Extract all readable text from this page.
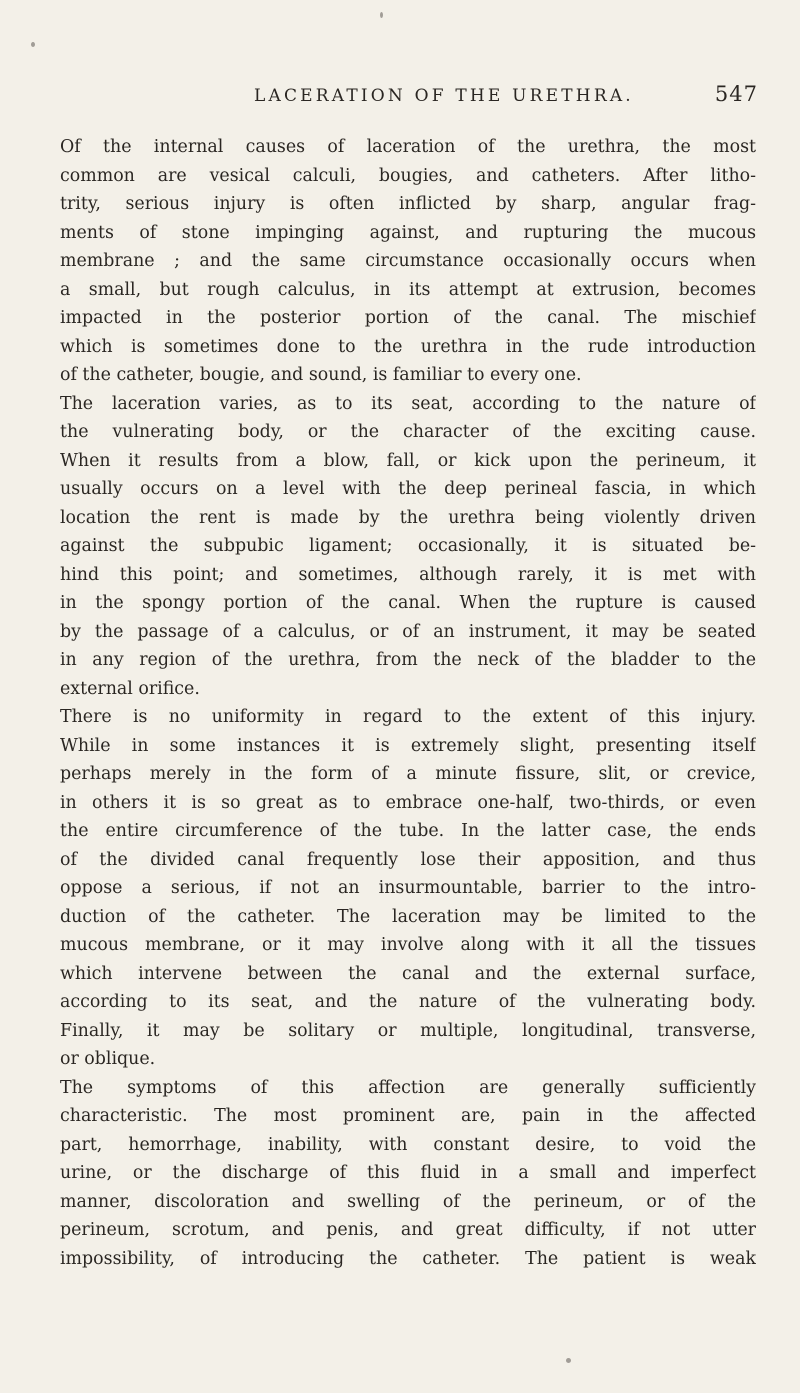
LACERATION OF THE URETHRA.	547
Of the internal causes of laceration of the urethra, the most
common are vesical calculi, bougies, and catheters. After litho-
trity, serious injury is often inflicted by sharp, angular frag-
ments of stone impinging against, and rupturing the mucous
membrane ; and the same circumstance occasionally occurs when
a small, but rough calculus, in its attempt at extrusion, becomes
impacted in the posterior portion of the canal. The mischief
which is sometimes done to the urethra in the rude introduction
of the catheter, bougie, and sound, is familiar to every one.
The laceration varies, as to its seat, according to the nature of
the vulnerating body, or the character of the exciting cause.
When it results from a blow, fall, or kick upon the perineum, it
usually occurs on a level with the deep perineal fascia, in which
location the rent is made by the urethra being violently driven
against the subpubic ligament; occasionally, it is situated be-
hind this point; and sometimes, although rarely, it is met with
in the spongy portion of the canal. When the rupture is caused
by the passage of a calculus, or of an instrument, it may be seated
in any region of the urethra, from the neck of the bladder to the
external orifice.
There is no uniformity in regard to the extent of this injury.
While in some instances it is extremely slight, presenting itself
perhaps merely in the form of a minute fissure, slit, or crevice,
in others it is so great as to embrace one-half, two-thirds, or even
the entire circumference of the tube. In the latter case, the ends
of the divided canal frequently lose their apposition, and thus
oppose a serious, if not an insurmountable, barrier to the intro-
duction of the catheter. The laceration may be limited to the
mucous membrane, or it may involve along with it all the tissues
which intervene between the canal and the external surface,
according to its seat, and the nature of the vulnerating body.
Finally, it may be solitary or multiple, longitudinal, transverse,
or oblique.
The symptoms of this affection are generally sufficiently
characteristic. The most prominent are, pain in the affected
part, hemorrhage, inability, with constant desire, to void the
urine, or the discharge of this fluid in a small and imperfect
manner, discoloration and swelling of the perineum, or of the
perineum, scrotum, and penis, and great difficulty, if not utter
impossibility, of introducing the catheter. The patient is weak
